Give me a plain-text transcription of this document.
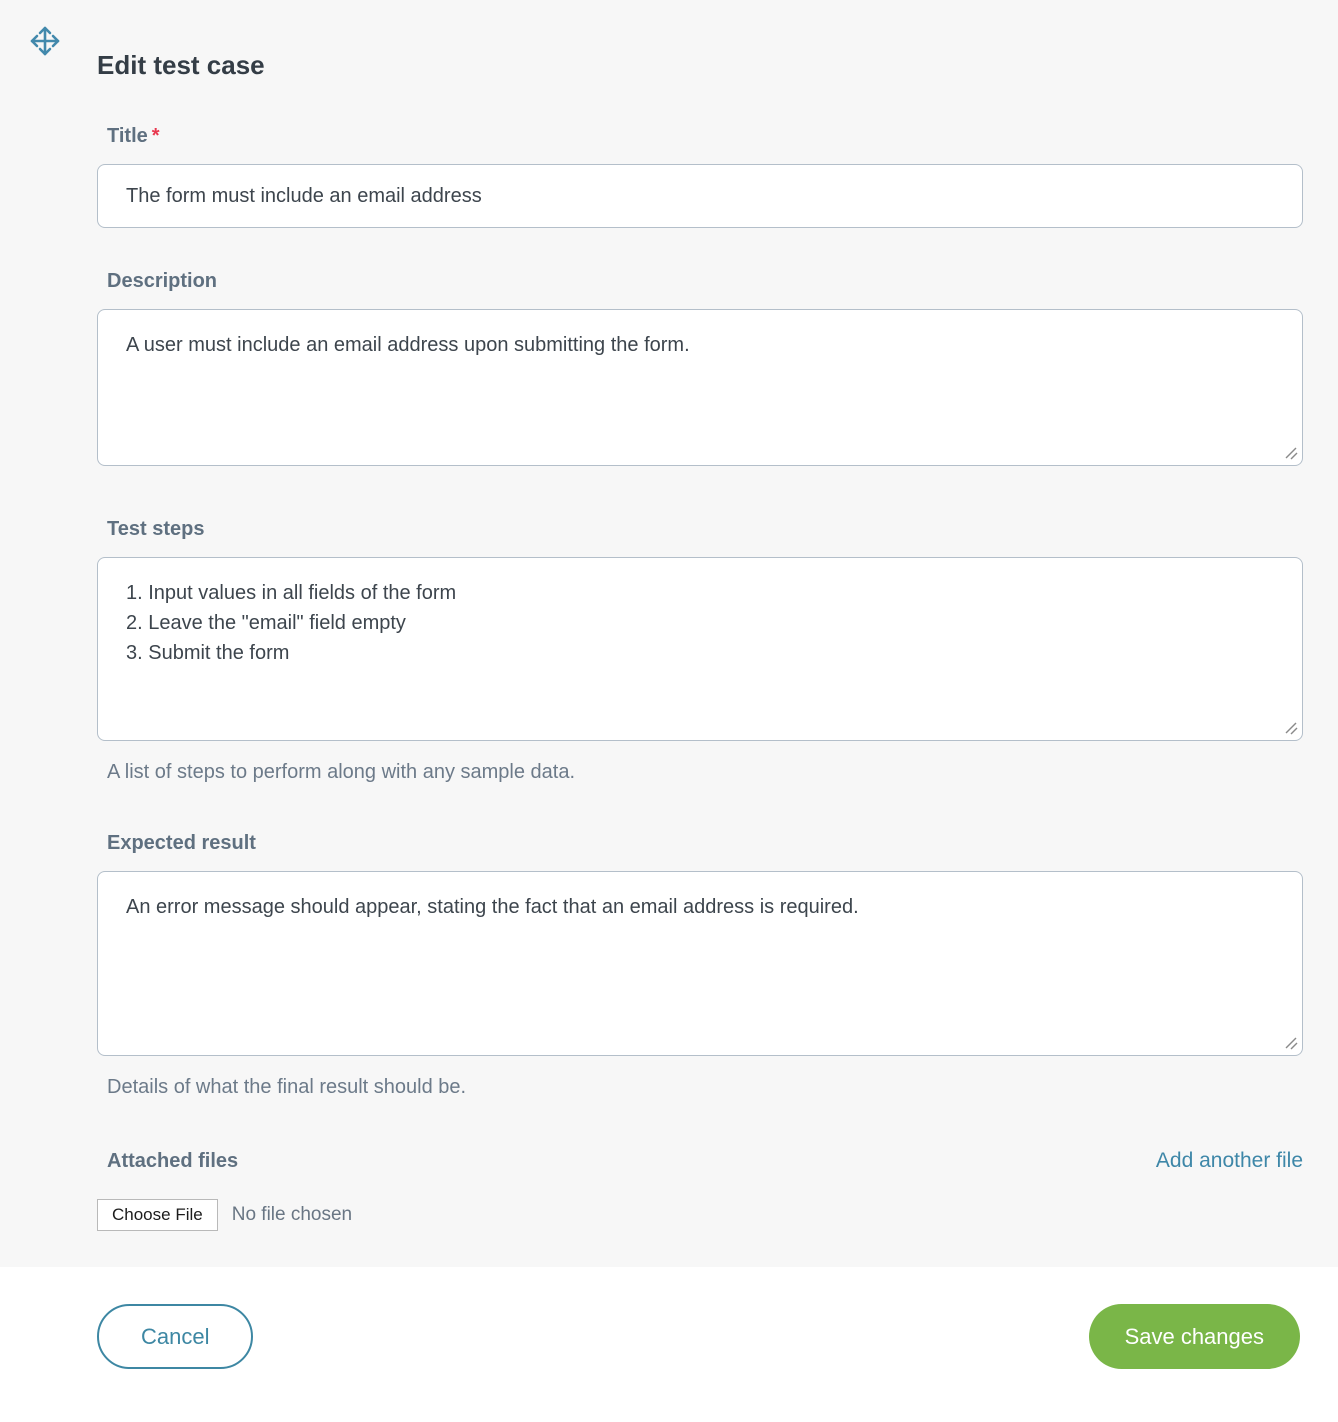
Edit test case
Title *
The form must include an email address
Description
A user must include an email address upon submitting the form.
Test steps
1. Input values in all fields of the form 2. Leave the "email" field empty 3. Submit the form
A list of steps to perform along with any sample data.
Expected result
An error message should appear, stating the fact that an email address is required.
Details of what the final result should be.
Attached files	Add another file
Choose File	No file chosen
Cancel	Save changes
